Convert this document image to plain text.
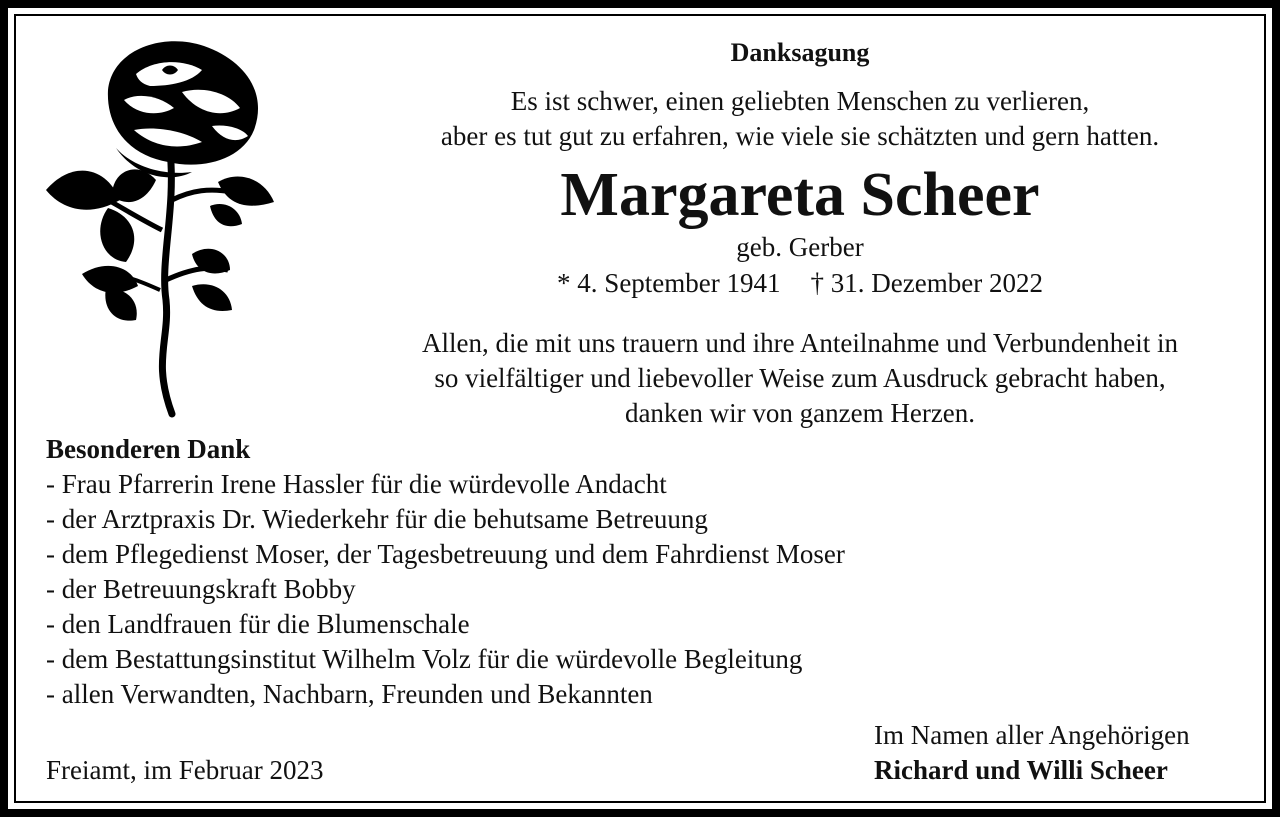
Danksagung
Es ist schwer, einen geliebten Menschen zu verlieren,
aber es tut gut zu erfahren, wie viele sie schätzten und gern hatten.
Margareta Scheer
geb. Gerber
* 4. September 1941 † 31. Dezember 2022
Allen, die mit uns trauern und ihre Anteilnahme und Verbundenheit in
so vielfältiger und liebevoller Weise zum Ausdruck gebracht haben,
danken wir von ganzem Herzen.
Besonderen Dank
- Frau Pfarrerin Irene Hassler für die würdevolle Andacht
- der Arztpraxis Dr. Wiederkehr für die behutsame Betreuung
- dem Pflegedienst Moser, der Tagesbetreuung und dem Fahrdienst Moser
- der Betreuungskraft Bobby
- den Landfrauen für die Blumenschale
- dem Bestattungsinstitut Wilhelm Volz für die würdevolle Begleitung
- allen Verwandten, Nachbarn, Freunden und Bekannten
Freiamt, im Februar 2023
Im Namen aller Angehörigen
Richard und Willi Scheer
